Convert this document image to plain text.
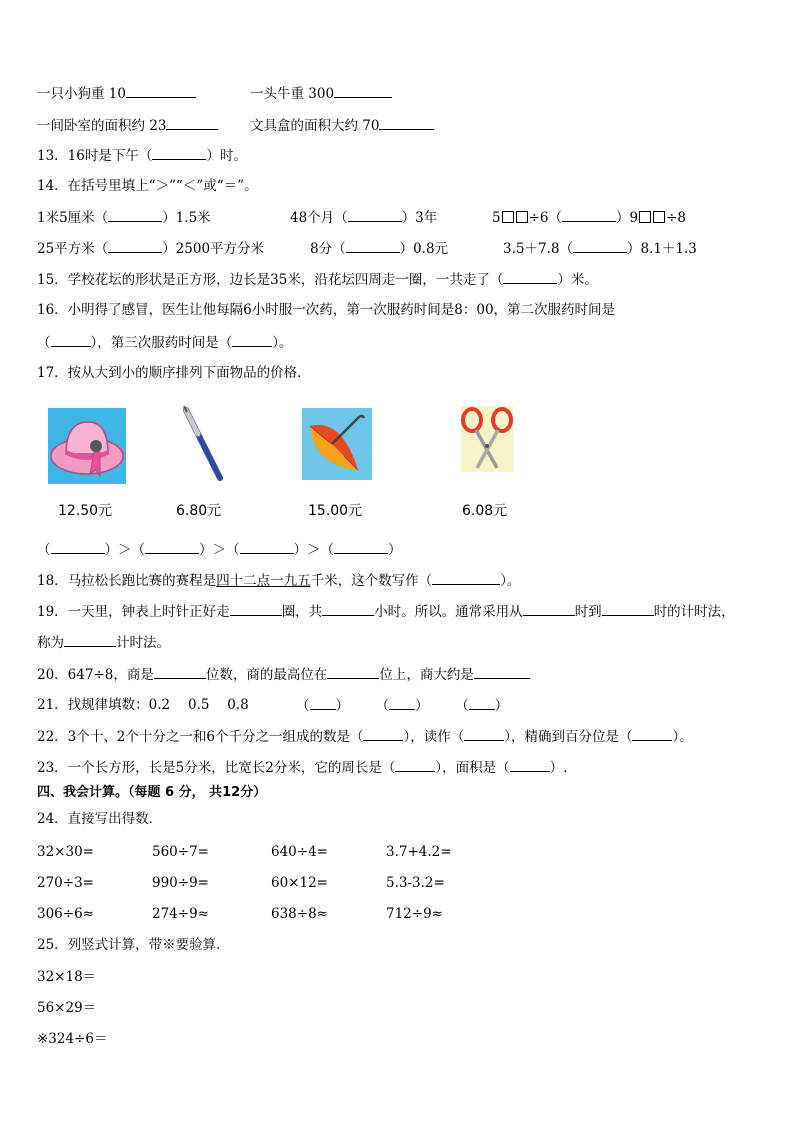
一只小狗重 10	一头牛重 300
一间卧室的面积约 23	文具盒的面积大约 70
13．16时是下午（	）时。
14．在括号里填上“＞”“＜”或“＝”。
1米5厘米（	）1.5米	48个月（	）3年	5 ÷6（	）9 ÷8
25平方米（	）2500平方分米	8分（	）0.8元	3.5＋7.8（	）8.1＋1.3
15．学校花坛的形状是正方形，边长是35米，沿花坛四周走一圈，一共走了（	）米。
16．小明得了感冒，医生让他每隔6小时服一次药，第一次服药时间是8：00，第二次服药时间是
（	），第三次服药时间是（	）。
17．按从大到小的顺序排列下面物品的价格．
12.50元	6.80元	15.00元	6.08元
（	）＞（	）＞（	）＞（	）
18．马拉松长跑比赛的赛程是四十二点一九五千米，这个数写作（	）。
19．一天里，钟表上时针正好走	圈，共	小时。所以。通常采用从	时到	时的计时法，
称为	计时法。
20．647÷8，商是	位数，商的最高位在	位上，商大约是
21．找规律填数：0.2　 0.5　 0.8	（ ） （ ） （ ）
22．3个十、2个十分之一和6个千分之一组成的数是（	），读作（	），精确到百分位是（	）。
23．一个长方形，长是5分米，比宽长2分米，它的周长是（	），面积是（	）.
四、我会计算。（每题 6 分， 共12分）
24．直接写出得数．
32×30=	560÷7=	640÷4=	3.7+4.2=
270÷3=	990÷9=	60×12=	5.3-3.2=
306÷6≈	274÷9≈	638÷8≈	712÷9≈
25．列竖式计算，带※要验算．
32×18＝
56×29＝
※324÷6＝
